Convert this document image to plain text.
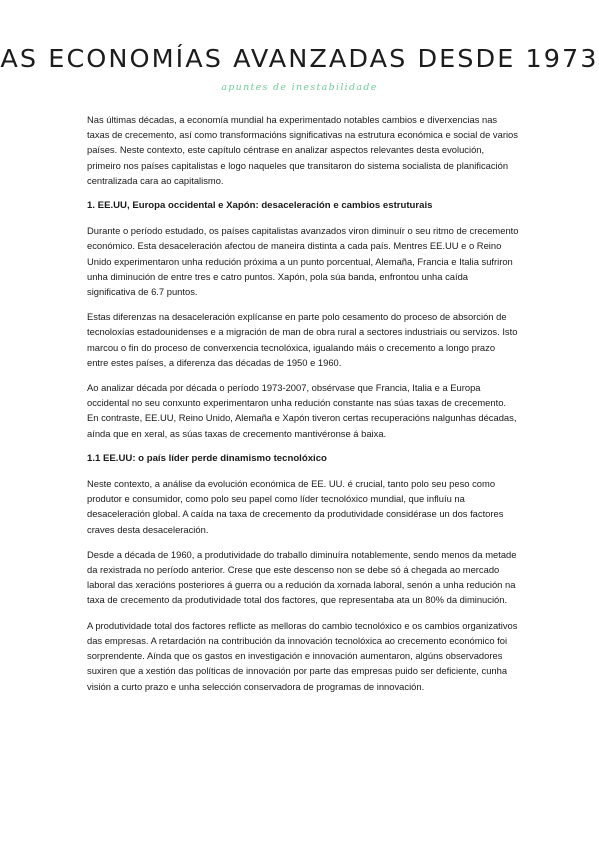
AS ECONOMÍAS AVANZADAS DESDE 1973
apuntes de inestabilidade

Nas últimas décadas, a economía mundial ha experimentado notables cambios e diverxencias nas taxas de crecemento, así como transformacións significativas na estrutura económica e social de varios países. Neste contexto, este capítulo céntrase en analizar aspectos relevantes desta evolución, primeiro nos países capitalistas e logo naqueles que transitaron do sistema socialista de planificación centralizada cara ao capitalismo.

1. EE.UU, Europa occidental e Xapón: desaceleración e cambios estruturais

Durante o período estudado, os países capitalistas avanzados viron diminuír o seu ritmo de crecemento económico. Esta desaceleración afectou de maneira distinta a cada país. Mentres EE.UU e o Reino Unido experimentaron unha redución próxima a un punto porcentual, Alemaña, Francia e Italia sufriron unha diminución de entre tres e catro puntos. Xapón, pola súa banda, enfrontou unha caída significativa de 6.7 puntos.

Estas diferenzas na desaceleración explícanse en parte polo cesamento do proceso de absorción de tecnoloxías estadounidenses e a migración de man de obra rural a sectores industriais ou servizos. Isto marcou o fin do proceso de converxencia tecnolóxica, igualando máis o crecemento a longo prazo entre estes países, a diferenza das décadas de 1950 e 1960.

Ao analizar década por década o período 1973-2007, obsérvase que Francia, Italia e a Europa occidental no seu conxunto experimentaron unha redución constante nas súas taxas de crecemento. En contraste, EE.UU, Reino Unido, Alemaña e Xapón tiveron certas recuperacións nalgunhas décadas, aínda que en xeral, as súas taxas de crecemento mantivéronse á baixa.

1.1 EE.UU: o país líder perde dinamismo tecnolóxico

Neste contexto, a análise da evolución económica de EE. UU. é crucial, tanto polo seu peso como produtor e consumidor, como polo seu papel como líder tecnolóxico mundial, que influíu na desaceleración global. A caída na taxa de crecemento da produtividade considérase un dos factores craves desta desaceleración.

Desde a década de 1960, a produtividade do traballo diminuíra notablemente, sendo menos da metade da rexistrada no período anterior. Crese que este descenso non se debe só á chegada ao mercado laboral das xeracións posteriores á guerra ou a redución da xornada laboral, senón a unha redución na taxa de crecemento da produtividade total dos factores, que representaba ata un 80% da diminución.

A produtividade total dos factores reflicte as melloras do cambio tecnolóxico e os cambios organizativos das empresas. A retardación na contribución da innovación tecnolóxica ao crecemento económico foi sorprendente. Aínda que os gastos en investigación e innovación aumentaron, algúns observadores suxiren que a xestión das políticas de innovación por parte das empresas puido ser deficiente, cunha visión a curto prazo e unha selección conservadora de programas de innovación.
